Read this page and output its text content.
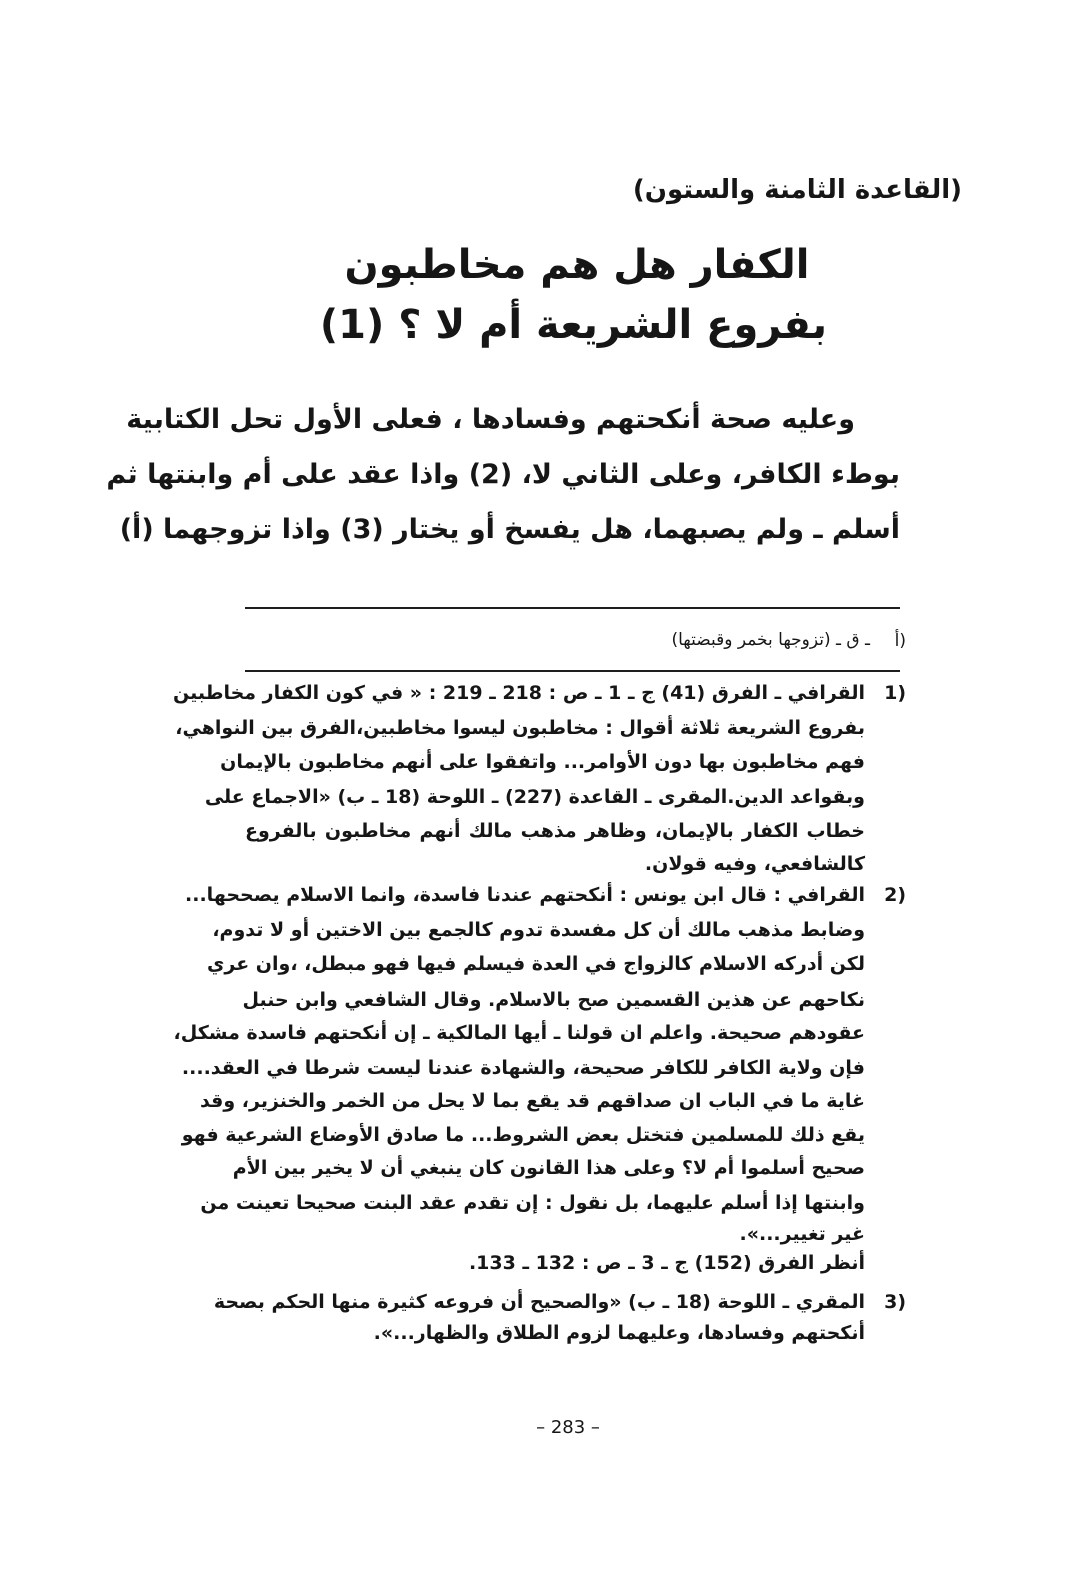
(القاعدة الثامنة والستون)
الكفار هل هم مخاطبون
بفروع الشريعة أم لا ؟ (1)
وعليه صحة أنكحتهم وفسادها ، فعلى الأول تحل الكتابية
بوطء الكافر، وعلى الثاني لا، (2) واذا عقد على أم وابنتها ثم
أسلم ـ ولم يصبهما، هل يفسخ أو يختار (3) واذا تزوجهما (أ)
أ)
ـ ق ـ (تزوجها بخمر وقبضتها)
1)
القرافي ـ الفرق (41) ج ـ 1 ـ ص : 218 ـ 219 : « في كون الكفار مخاطبين
بفروع الشريعة ثلاثة أقوال : مخاطبون ليسوا مخاطبين،الفرق بين النواهي،
فهم مخاطبون بها دون الأوامر... واتفقوا على أنهم مخاطبون بالإيمان
وبقواعد الدين.المقرى ـ القاعدة (227) ـ اللوحة (18 ـ ب) «الاجماع على
خطاب الكفار بالإيمان، وظاهر مذهب مالك أنهم مخاطبون بالفروع
كالشافعي، وفيه قولان.
2)
القرافي : قال ابن يونس : أنكحتهم عندنا فاسدة، وانما الاسلام يصححها...
وضابط مذهب مالك أن كل مفسدة تدوم كالجمع بين الاختين أو لا تدوم،
لكن أدركه الاسلام كالزواج في العدة فيسلم فيها فهو مبطل، ،وان عري
نكاحهم عن هذين القسمين صح بالاسلام. وقال الشافعي وابن حنبل
عقودهم صحيحة. واعلم ان قولنا ـ أيها المالكية ـ إن أنكحتهم فاسدة مشكل،
فإن ولاية الكافر للكافر صحيحة، والشهادة عندنا ليست شرطا في العقد....
غاية ما في الباب ان صداقهم قد يقع بما لا يحل من الخمر والخنزير، وقد
يقع ذلك للمسلمين فتختل بعض الشروط... ما صادق الأوضاع الشرعية فهو
صحيح أسلموا أم لا؟ وعلى هذا القانون كان ينبغي أن لا يخير بين الأم
وابنتها إذا أسلم عليهما، بل نقول : إن تقدم عقد البنت صحيحا تعينت من
غير تغيير...».
أنظر الفرق (152) ج ـ 3 ـ ص : 132 ـ 133.
3)
المقري ـ اللوحة (18 ـ ب) «والصحيح أن فروعه كثيرة منها الحكم بصحة
أنكحتهم وفسادها، وعليهما لزوم الطلاق والظهار...».
– 283 –
